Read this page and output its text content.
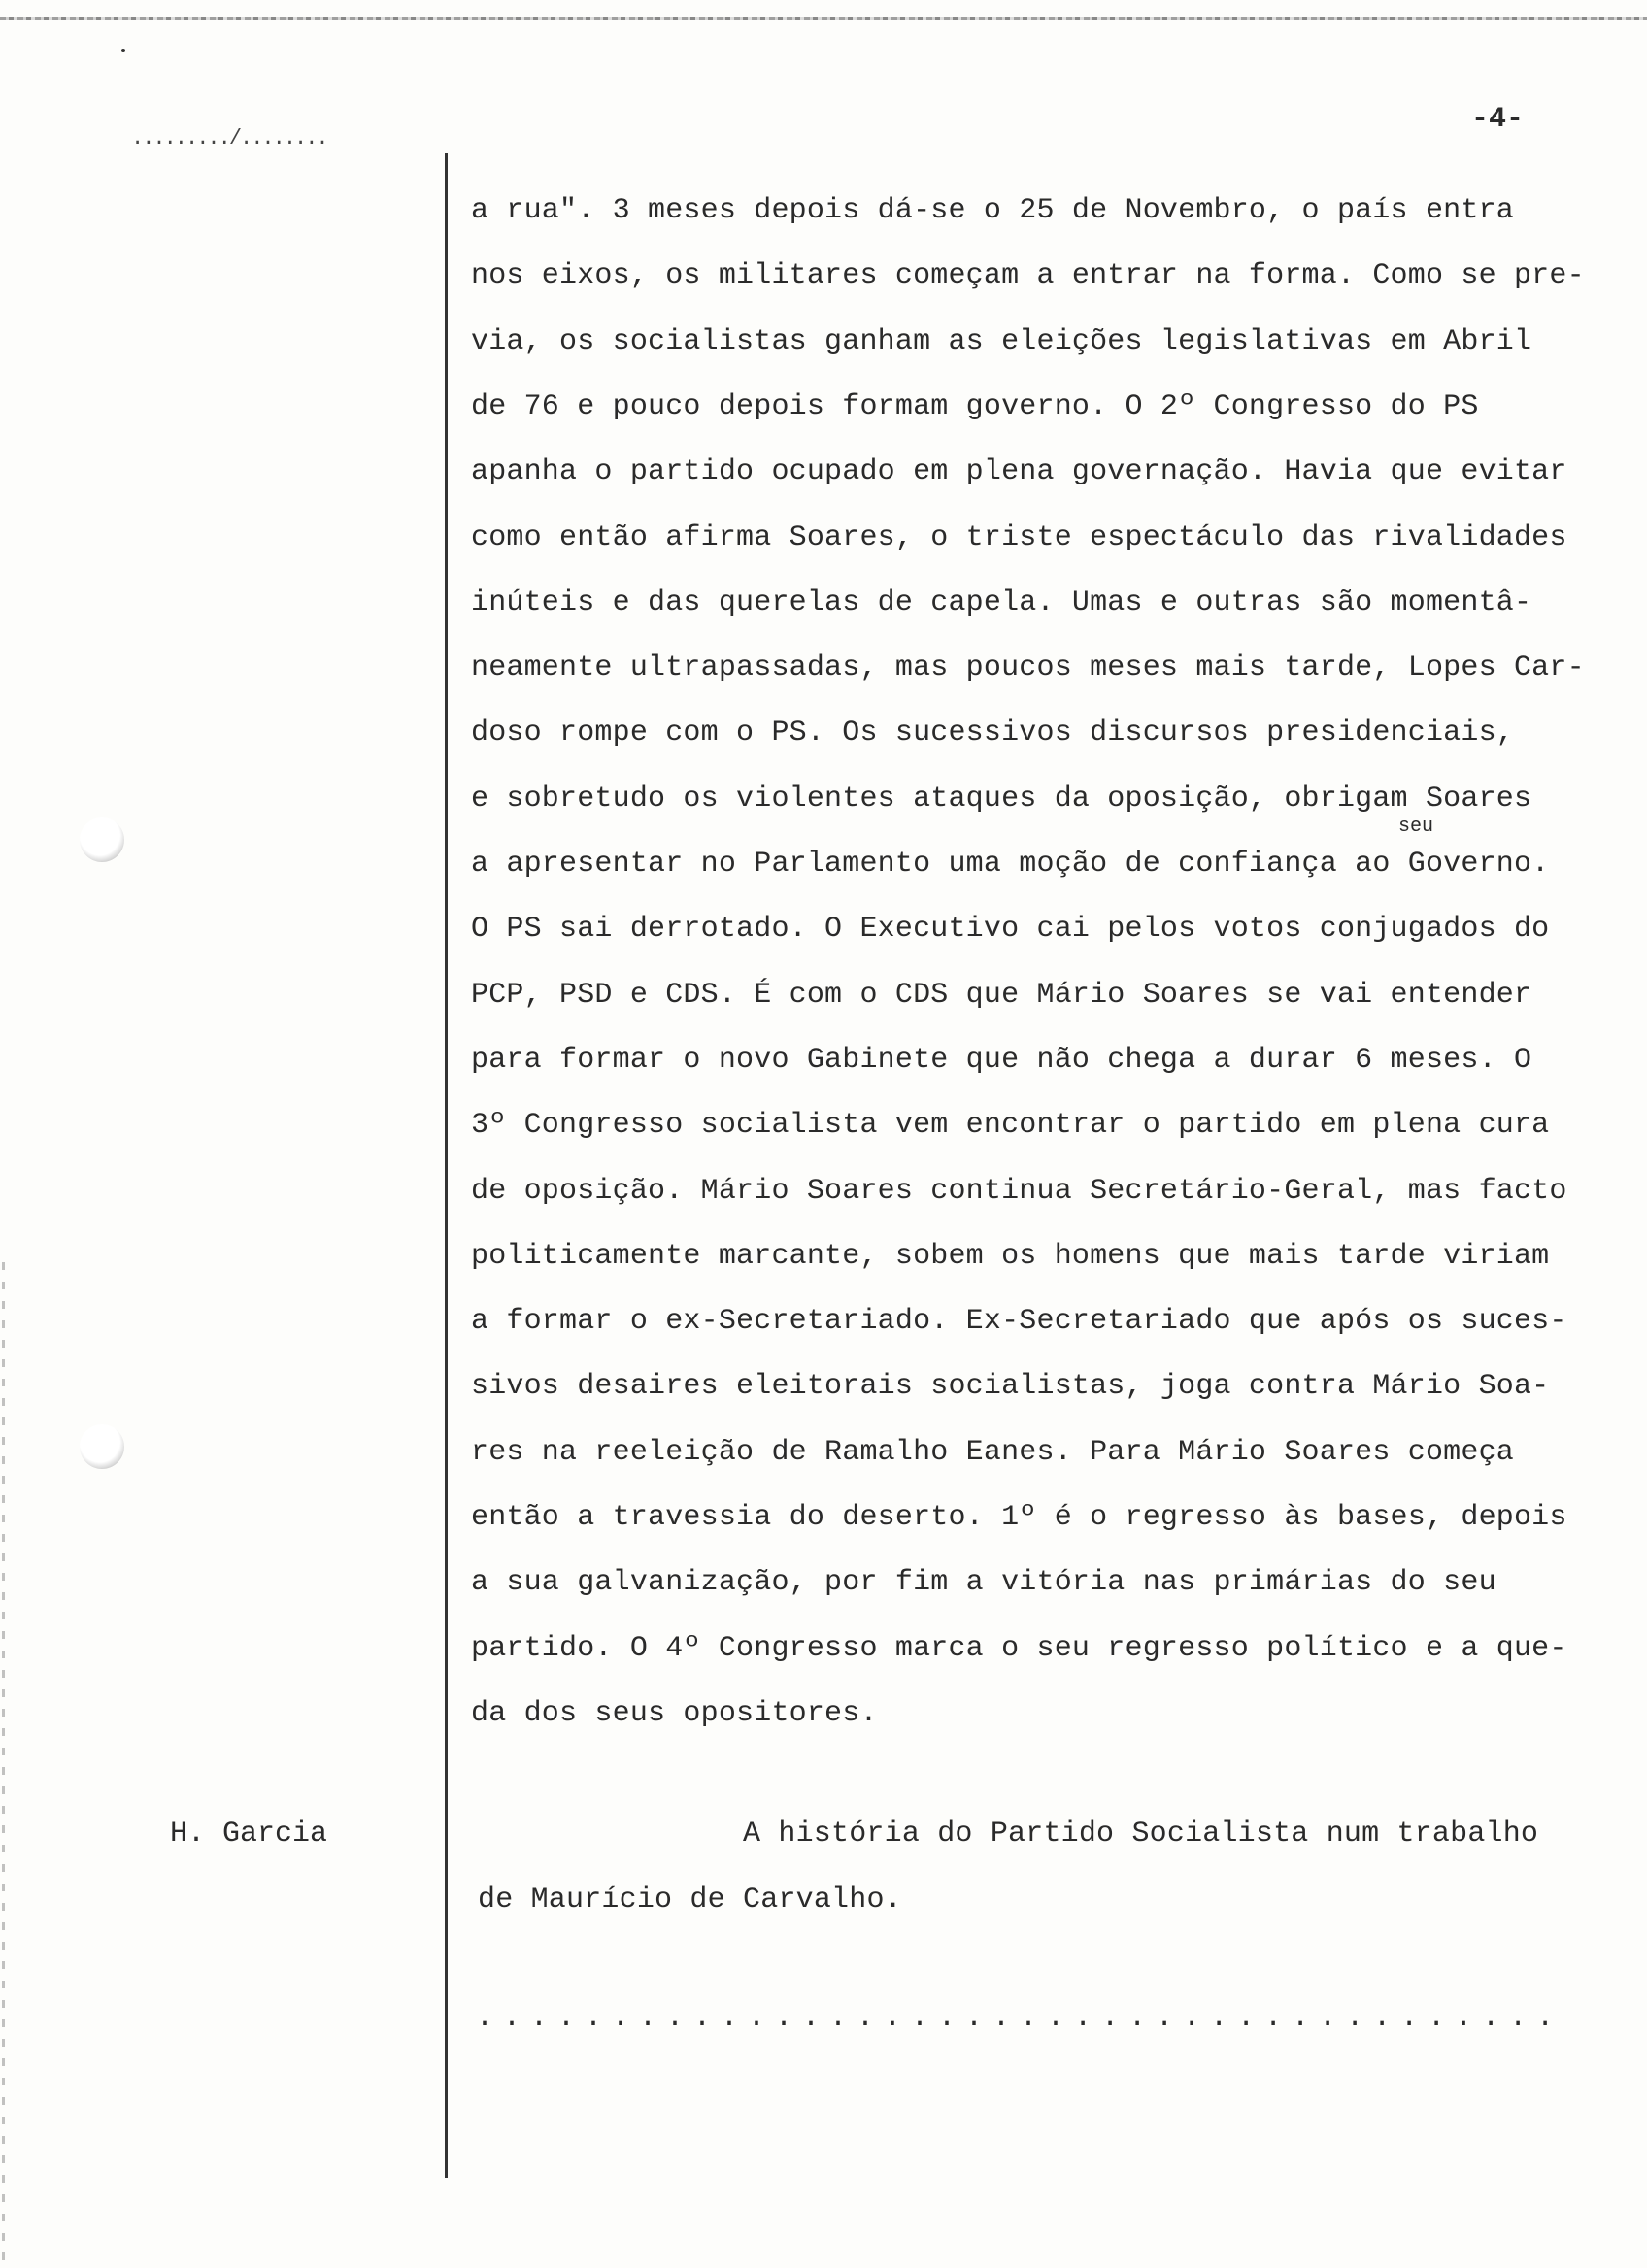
........./........
-4-
a rua". 3 meses depois dá-se o 25 de Novembro, o país entra
nos eixos, os militares começam a entrar na forma. Como se pre-
via, os socialistas ganham as eleições legislativas em Abril
de 76 e pouco depois formam governo. O 2º Congresso do PS
apanha o partido ocupado em plena governação. Havia que evitar
como então afirma Soares, o triste espectáculo das rivalidades
inúteis e das querelas de capela. Umas e outras são momentâ-
neamente ultrapassadas, mas poucos meses mais tarde, Lopes Car-
doso rompe com o PS. Os sucessivos discursos presidenciais,
e sobretudo os violentes ataques da oposição, obrigam Soares
a apresentar no Parlamento uma moção de confiança ao Governo.
O PS sai derrotado. O Executivo cai pelos votos conjugados do
PCP, PSD e CDS. É com o CDS que Mário Soares se vai entender
para formar o novo Gabinete que não chega a durar 6 meses. O
3º Congresso socialista vem encontrar o partido em plena cura
de oposição. Mário Soares continua Secretário-Geral, mas facto
politicamente marcante, sobem os homens que mais tarde viriam
a formar o ex-Secretariado. Ex-Secretariado que após os suces-
sivos desaires eleitorais socialistas, joga contra Mário Soa-
res na reeleição de Ramalho Eanes. Para Mário Soares começa
então a travessia do deserto. 1º é o regresso às bases, depois
a sua galvanização, por fim a vitória nas primárias do seu
partido. O 4º Congresso marca o seu regresso político e a que-
da dos seus opositores.
seu
H. Garcia	A história do Partido Socialista num trabalho
de Maurício de Carvalho.
........................................
